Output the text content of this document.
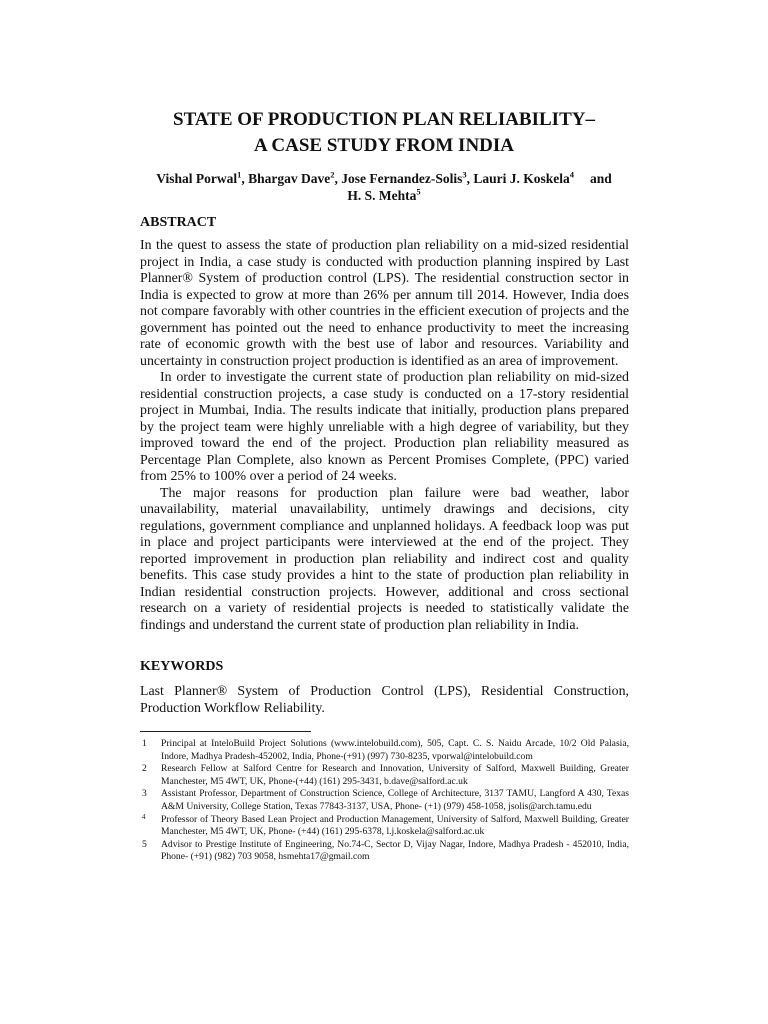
STATE OF PRODUCTION PLAN RELIABILITY–
A CASE STUDY FROM INDIA
Vishal Porwal$^1$, Bhargav Dave$^2$, Jose Fernandez-Solis$^3$, Lauri J. Koskela$^4$ and
H. S. Mehta$^5$
ABSTRACT

In the quest to assess the state of production plan reliability on a mid-sized residential project in India, a case study is conducted with production planning inspired by Last Planner® System of production control (LPS). The residential construction sector in India is expected to grow at more than 26% per annum till 2014. However, India does not compare favorably with other countries in the efficient execution of projects and the government has pointed out the need to enhance productivity to meet the increasing rate of economic growth with the best use of labor and resources. Variability and uncertainty in construction project production is identified as an area of improvement.

In order to investigate the current state of production plan reliability on mid-sized residential construction projects, a case study is conducted on a 17-story residential project in Mumbai, India. The results indicate that initially, production plans prepared by the project team were highly unreliable with a high degree of variability, but they improved toward the end of the project. Production plan reliability measured as Percentage Plan Complete, also known as Percent Promises Complete, (PPC) varied from 25% to 100% over a period of 24 weeks.

The major reasons for production plan failure were bad weather, labor unavailability, material unavailability, untimely drawings and decisions, city regulations, government compliance and unplanned holidays. A feedback loop was put in place and project participants were interviewed at the end of the project. They reported improvement in production plan reliability and indirect cost and quality benefits. This case study provides a hint to the state of production plan reliability in Indian residential construction projects. However, additional and cross sectional research on a variety of residential projects is needed to statistically validate the findings and understand the current state of production plan reliability in India.

KEYWORDS
Last Planner® System of Production Control (LPS), Residential Construction, Production Workflow Reliability.
1 Principal at InteloBuild Project Solutions (www.intelobuild.com), 505, Capt. C. S. Naidu Arcade, 10/2 Old Palasia, Indore, Madhya Pradesh-452002, India, Phone-(+91) (997) 730-8235, vporwal@intelobuild.com
2 Research Fellow at Salford Centre for Research and Innovation, University of Salford, Maxwell Building, Greater Manchester, M5 4WT, UK, Phone-(+44) (161) 295-3431, b.dave@salford.ac.uk
3 Assistant Professor, Department of Construction Science, College of Architecture, 3137 TAMU, Langford A 430, Texas A&M University, College Station, Texas 77843-3137, USA, Phone- (+1) (979) 458-1058, jsolis@arch.tamu.edu
4 Professor of Theory Based Lean Project and Production Management, University of Salford, Maxwell Building, Greater Manchester, M5 4WT, UK, Phone- (+44) (161) 295-6378, l.j.koskela@salford.ac.uk
5 Advisor to Prestige Institute of Engineering, No.74-C, Sector D, Vijay Nagar, Indore, Madhya Pradesh - 452010, India, Phone- (+91) (982) 703 9058, hsmehta17@gmail.com
